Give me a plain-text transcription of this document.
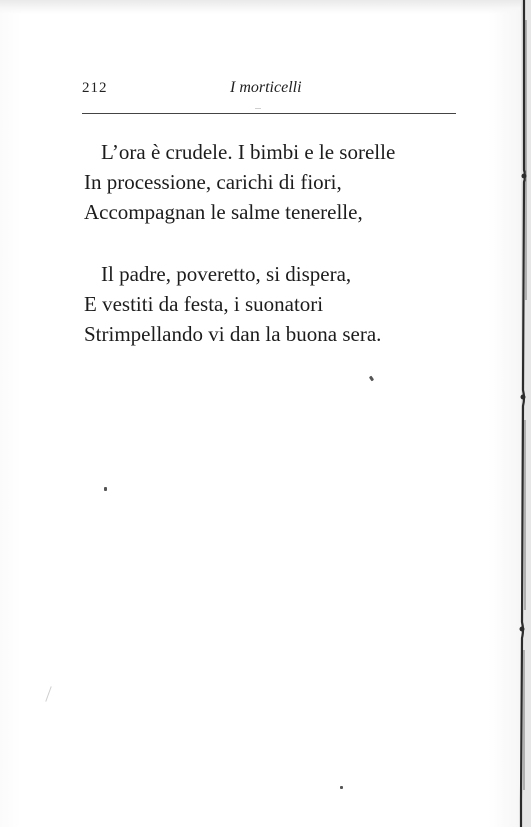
212	I morticelli
L’ora è crudele. I bimbi e le sorelle
In processione, carichi di fiori,
Accompagnan le salme tenerelle,
Il padre, poveretto, si dispera,
E vestiti da festa, i suonatori
Strimpellando vi dan la buona sera.
